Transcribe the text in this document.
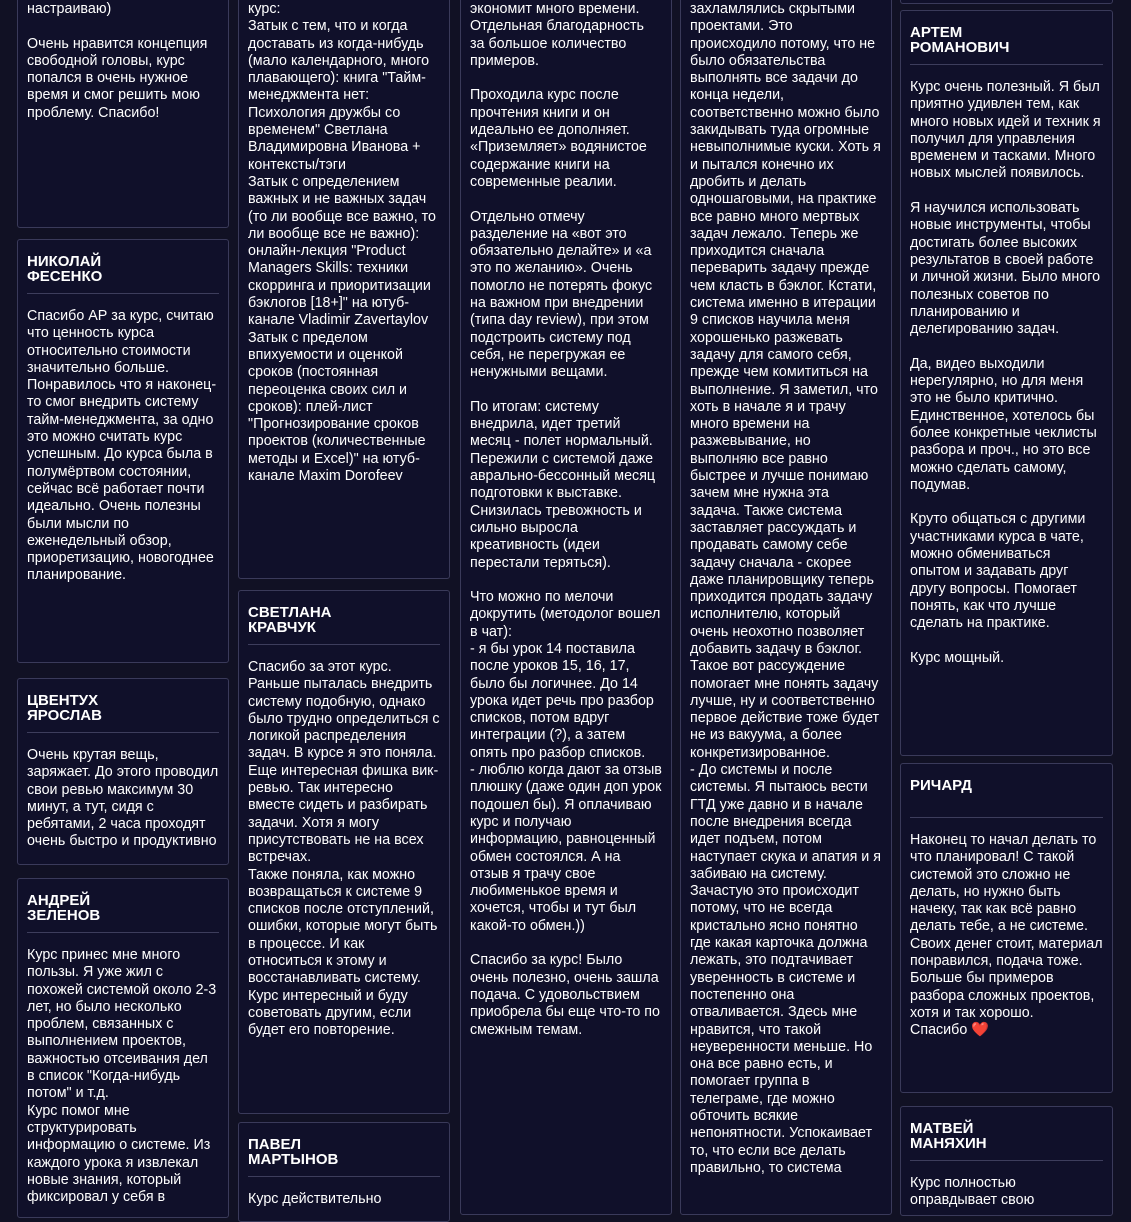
настраиваю)

Очень нравится концепция свободной головы, курс попался в очень нужное время и смог решить мою проблему. Спасибо!
НИКОЛАЙ
ФЕСЕНКО
Спасибо АР за курс, считаю что ценность курса относительно стоимости значительно больше.
Понравилось что я наконец-то смог внедрить систему тайм-менеджмента, за одно это можно считать курс успешным. До курса была в полумёртвом состоянии, сейчас всё работает почти идеально. Очень полезны были мысли по еженедельный обзор, приоретизацию, новогоднее планирование.
ЦВЕНТУХ
ЯРОСЛАВ
Очень крутая вещь, заряжает. До этого проводил свои ревью максимум 30 минут, а тут, сидя с ребятами, 2 часа проходят очень быстро и продуктивно
АНДРЕЙ
ЗЕЛЕНОВ
Курс принес мне много пользы. Я уже жил с похожей системой около 2-3 лет, но было несколько проблем, связанных с выполнением проектов, важностью отсеивания дел в список "Когда-нибудь потом" и т.д.
Курс помог мне структурировать информацию о системе. Из каждого урока я извлекал новые знания, который фиксировал у себя в
курс:
Затык с тем, что и когда доставать из когда-нибудь (мало календарного, много плавающего): книга "Тайм-менеджмента нет: Психология дружбы со временем" Светлана Владимировна Иванова + контексты/тэги
Затык с определением важных и не важных задач (то ли вообще все важно, то ли вообще все не важно): онлайн-лекция "Product Managers Skills: техники скорринга и приоритизации бэклогов [18+]" на ютуб-канале Vladimir Zavertaylov
Затык с пределом впихуемости и оценкой сроков (постоянная переоценка своих сил и сроков): плей-лист "Прогнозирование сроков проектов (количественные методы и Excel)" на ютуб-канале Maxim Dorofeev
СВЕТЛАНА
КРАВЧУК
Спасибо за этот курс. Раньше пыталась внедрить систему подобную, однако было трудно определиться с логикой распределения задач. В курсе я это поняла.
Еще интересная фишка вик-ревью. Так интересно вместе сидеть и разбирать задачи. Хотя я могу присутствовать не на всех встречах.
Также поняла, как можно возвращаться к системе 9 списков после отступлений, ошибки, которые могут быть в процессе. И как относиться к этому и восстанавливать систему.
Курс интересный и буду советовать другим, если будет его повторение.
ПАВЕЛ
МАРТЫНОВ
Курс действительно
экономит много времени. Отдельная благодарность за большое количество примеров.

Проходила курс после прочтения книги и он идеально ее дополняет. «Приземляет» водянистое содержание книги на современные реалии.

Отдельно отмечу разделение на «вот это обязательно делайте» и «а это по желанию». Очень помогло не потерять фокус на важном при внедрении (типа day review), при этом подстроить систему под себя, не перегружая ее ненужными вещами.

По итогам: систему внедрила, идет третий месяц - полет нормальный. Пережили с системой даже аврально-бессонный месяц подготовки к выставке. Снизилась тревожность и сильно выросла креативность (идеи перестали теряться).

Что можно по мелочи докрутить (методолог вошел в чат):
- я бы урок 14 поставила после уроков 15, 16, 17, было бы логичнее. До 14 урока идет речь про разбор списков, потом вдруг интеграции (?), а затем опять про разбор списков.
- люблю когда дают за отзыв плюшку (даже один доп урок подошел бы). Я оплачиваю курс и получаю информацию, равноценный обмен состоялся. А на отзыв я трачу свое любименькое время и хочется, чтобы и тут был какой-то обмен.))

Спасибо за курс! Было очень полезно, очень зашла подача. С удовольствием приобрела бы еще что-то по смежным темам.
захламлялись скрытыми проектами. Это происходило потому, что не было обязательства выполнять все задачи до конца недели, соответственно можно было закидывать туда огромные невыполнимые куски. Хоть я и пытался конечно их дробить и делать одношаговыми, на практике все равно много мертвых задач лежало. Теперь же приходится сначала переварить задачу прежде чем класть в бэклог. Кстати, система именно в итерации 9 списков научила меня хорошенько разжевать задачу для самого себя, прежде чем комититься на выполнение. Я заметил, что хоть в начале я и трачу много времени на разжевывание, но выполняю все равно быстрее и лучше понимаю зачем мне нужна эта задача. Также система заставляет рассуждать и продавать самому себе задачу сначала - скорее даже планировщику теперь приходится продать задачу исполнителю, который очень неохотно позволяет добавить задачу в бэклог. Такое вот рассуждение помогает мне понять задачу лучше, ну и соответственно первое действие тоже будет не из вакуума, а более конкретизированное.
- До системы и после системы. Я пытаюсь вести ГТД уже давно и в начале после внедрения всегда идет подъем, потом наступает скука и апатия и я забиваю на систему. Зачастую это происходит потому, что не всегда кристально ясно понятно где какая карточка должна лежать, это подтачивает уверенность в системе и постепенно она отваливается. Здесь мне нравится, что такой неуверенности меньше. Но она все равно есть, и помогает группа в телеграме, где можно обточить всякие непонятности. Успокаивает то, что если все делать правильно, то система
АРТЕМ
РОМАНОВИЧ
Курс очень полезный. Я был приятно удивлен тем, как много новых идей и техник я получил для управления временем и тасками. Много новых мыслей появилось.

Я научился использовать новые инструменты, чтобы достигать более высоких результатов в своей работе и личной жизни. Было много полезных советов по планированию и делегированию задач.

Да, видео выходили нерегулярно, но для меня это не было критично. Единственное, хотелось бы более конкретные чеклисты разбора и проч., но это все можно сделать самому, подумав.

Круто общаться с другими участниками курса в чате, можно обмениваться опытом и задавать друг другу вопросы. Помогает понять, как что лучше сделать на практике.

Курс мощный.
РИЧАРД
Наконец то начал делать то что планировал! С такой системой это сложно не делать, но нужно быть начеку, так как всё равно делать тебе, а не системе. Своих денег стоит, материал понравился, подача тоже.
Больше бы примеров разбора сложных проектов, хотя и так хорошо.
Спасибо ❤️
МАТВЕЙ
МАНЯХИН
Курс полностью оправдывает свою
